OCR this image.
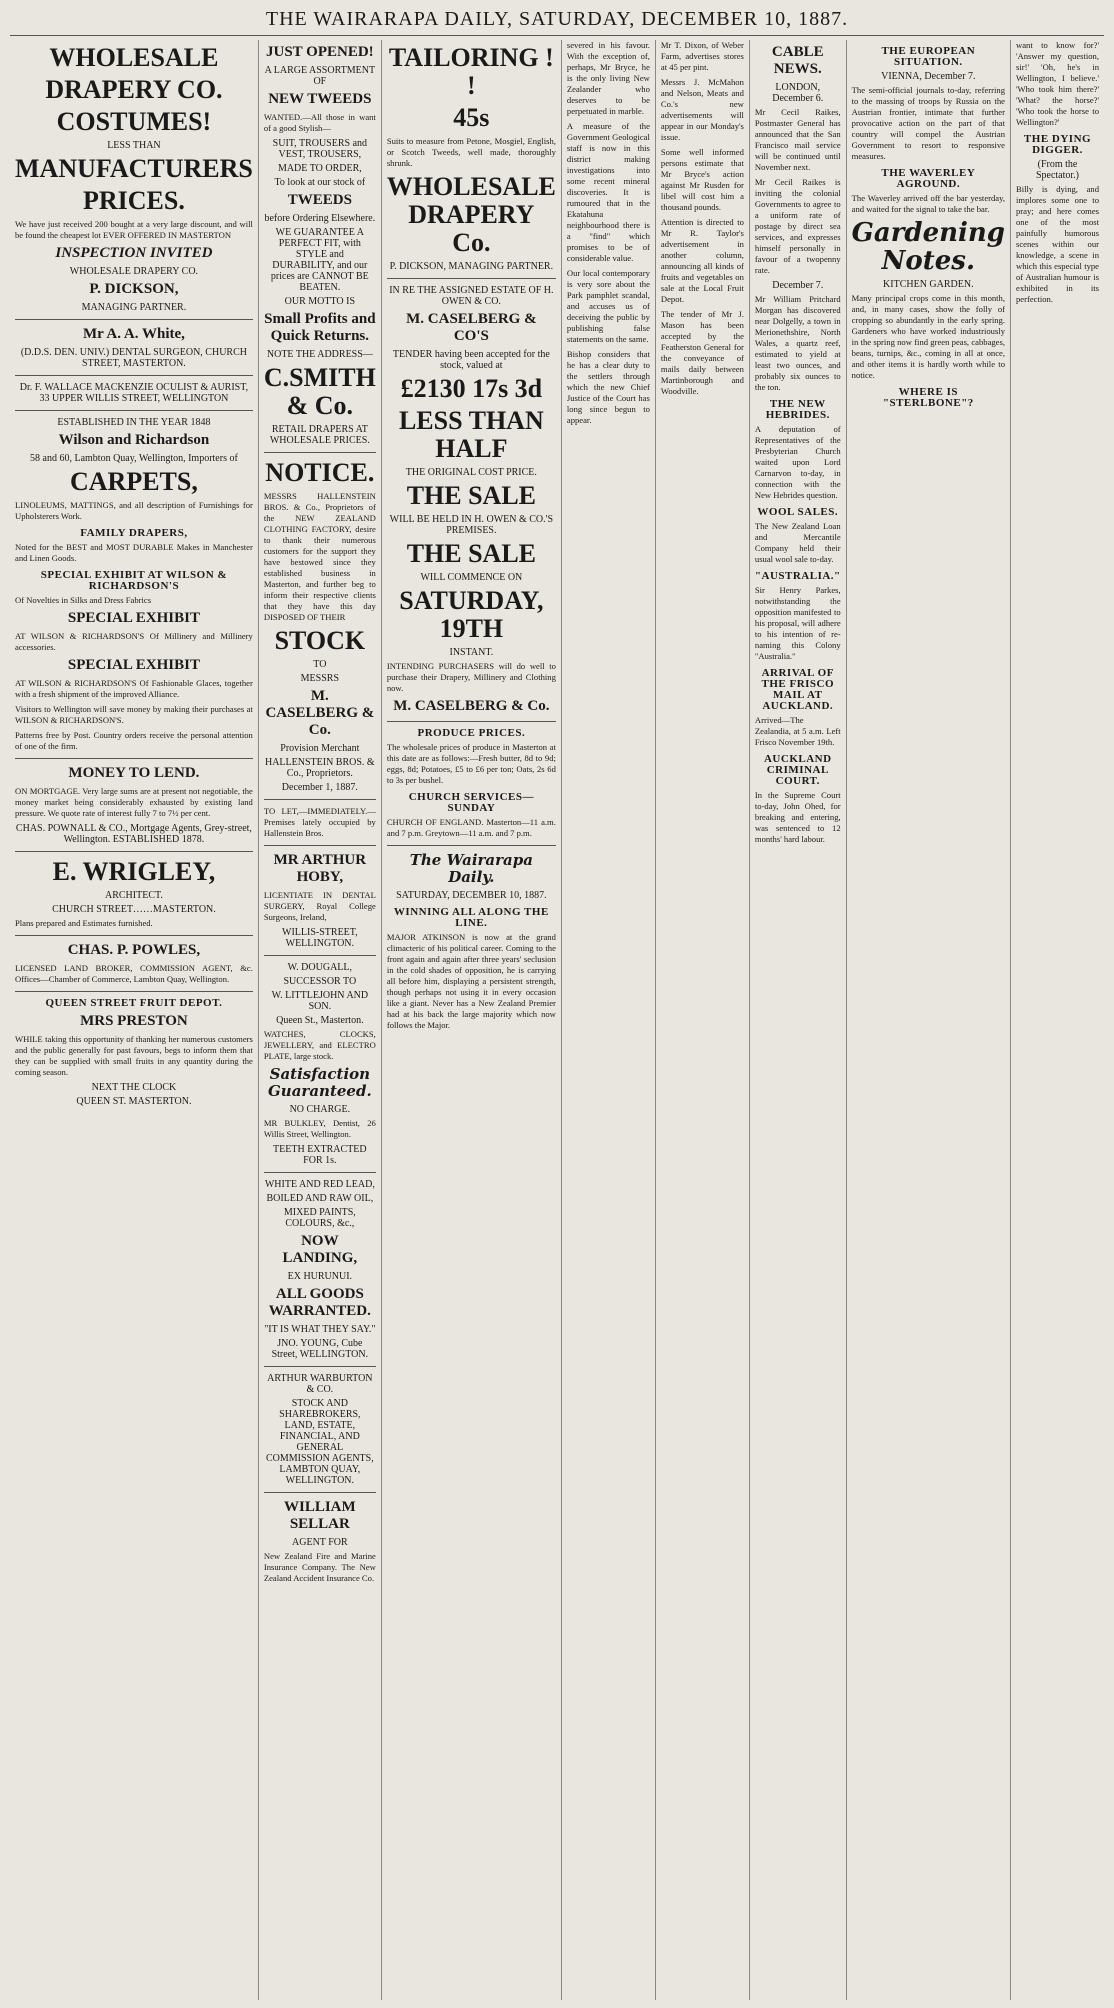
THE WAIRARAPA DAILY, SATURDAY, DECEMBER 10, 1887.
WHOLESALE
DRAPERY CO.
COSTUMES!
LESS THAN
MANUFACTURERS
PRICES.
We have just received 200 bought at a very large discount, and will be found the cheapest lot EVER OFFERED IN MASTERTON
INSPECTION INVITED
WHOLESALE DRAPERY CO.
P. DICKSON,
MANAGING PARTNER.
Mr A. A. White,
(D.D.S. DEN. UNIV.) DENTAL SURGEON, CHURCH STREET, MASTERTON.
Dr. F. WALLACE MACKENZIE OCULIST & AURIST, 33 UPPER WILLIS STREET, WELLINGTON
ESTABLISHED IN THE YEAR 1848
Wilson and Richardson
58 and 60, Lambton Quay, Wellington, Importers of
CARPETS,
LINOLEUMS, MATTINGS, and all description of Furnishings for Upholsterers Work.
FAMILY DRAPERS,
Noted for the BEST and MOST DURABLE Makes in Manchester and Linen Goods.
SPECIAL EXHIBIT AT WILSON & RICHARDSON'S
Of Novelties in Silks and Dress Fabrics
SPECIAL EXHIBIT
AT WILSON & RICHARDSON'S Of Millinery and Millinery accessories.
SPECIAL EXHIBIT
AT WILSON & RICHARDSON'S Of Fashionable Glaces, together with a fresh shipment of the improved Alliance.
Visitors to Wellington will save money by making their purchases at WILSON & RICHARDSON'S.
Patterns free by Post. Country orders receive the personal attention of one of the firm.
MONEY TO LEND.
ON MORTGAGE. Very large sums are at present not negotiable, the money market being considerably exhausted by existing land pressure. We quote rate of interest fully 7 to 7½ per cent.
CHAS. POWNALL & CO., Mortgage Agents, Grey-street, Wellington. ESTABLISHED 1878.
E. WRIGLEY,
ARCHITECT.
CHURCH STREET……MASTERTON.
Plans prepared and Estimates furnished.
CHAS. P. POWLES,
LICENSED LAND BROKER, COMMISSION AGENT, &c. Offices—Chamber of Commerce, Lambton Quay, Wellington.
QUEEN STREET FRUIT DEPOT.
MRS PRESTON
WHILE taking this opportunity of thanking her numerous customers and the public generally for past favours, begs to inform them that they can be supplied with small fruits in any quantity during the coming season.
NEXT THE CLOCK
QUEEN ST. MASTERTON.
JUST OPENED!
A LARGE ASSORTMENT OF
NEW TWEEDS
WANTED.—All those in want of a good Stylish—
SUIT, TROUSERS and VEST, TROUSERS,
MADE TO ORDER,
To look at our stock of
TWEEDS
before Ordering Elsewhere.
WE GUARANTEE A PERFECT FIT, with STYLE and DURABILITY, and our prices are CANNOT BE BEATEN.
OUR MOTTO IS
Small Profits and Quick Returns.
NOTE THE ADDRESS—
C.SMITH & Co.
RETAIL DRAPERS AT WHOLESALE PRICES.
NOTICE.
MESSRS HALLENSTEIN BROS. & Co., Proprietors of the NEW ZEALAND CLOTHING FACTORY, desire to thank their numerous customers for the support they have bestowed since they established business in Masterton, and further beg to inform their respective clients that they have this day DISPOSED OF THEIR
STOCK
TO
MESSRS
M. CASELBERG & Co.
Provision Merchant
HALLENSTEIN BROS. & Co., Proprietors.
December 1, 1887.
TO LET,—IMMEDIATELY.—Premises lately occupied by Hallenstein Bros.
MR ARTHUR HOBY,
LICENTIATE IN DENTAL SURGERY, Royal College Surgeons, Ireland,
WILLIS-STREET, WELLINGTON.
W. DOUGALL,
SUCCESSOR TO
W. LITTLEJOHN AND SON.
Queen St., Masterton.
WATCHES, CLOCKS, JEWELLERY, and ELECTRO PLATE, large stock.
Satisfaction Guaranteed.
NO CHARGE.
MR BULKLEY, Dentist, 26 Willis Street, Wellington.
TEETH EXTRACTED FOR 1s.
WHITE AND RED LEAD,
BOILED AND RAW OIL,
MIXED PAINTS, COLOURS, &c.,
NOW LANDING,
EX HURUNUI.
ALL GOODS WARRANTED.
"IT IS WHAT THEY SAY."
JNO. YOUNG, Cube Street, WELLINGTON.
ARTHUR WARBURTON & CO.
STOCK AND SHAREBROKERS, LAND, ESTATE, FINANCIAL, AND GENERAL COMMISSION AGENTS, LAMBTON QUAY, WELLINGTON.
WILLIAM SELLAR
AGENT FOR
New Zealand Fire and Marine Insurance Company. The New Zealand Accident Insurance Co.
TAILORING ! !
45s
Suits to measure from Petone, Mosgiel, English, or Scotch Tweeds, well made, thoroughly shrunk.
WHOLESALE DRAPERY Co.
P. DICKSON, MANAGING PARTNER.
IN RE THE ASSIGNED ESTATE OF H. OWEN & CO.
M. CASELBERG & CO'S
TENDER having been accepted for the stock, valued at
£2130 17s 3d
LESS THAN HALF
THE ORIGINAL COST PRICE.
THE SALE
WILL BE HELD IN H. OWEN & CO.'S PREMISES.
THE SALE
WILL COMMENCE ON
SATURDAY, 19TH
INSTANT.
INTENDING PURCHASERS will do well to purchase their Drapery, Millinery and Clothing now.
M. CASELBERG & Co.
PRODUCE PRICES.
The wholesale prices of produce in Masterton at this date are as follows:—Fresh butter, 8d to 9d; eggs, 8d; Potatoes, £5 to £6 per ton; Oats, 2s 6d to 3s per bushel.
CHURCH SERVICES—SUNDAY
CHURCH OF ENGLAND. Masterton—11 a.m. and 7 p.m. Greytown—11 a.m. and 7 p.m.
The Wairarapa Daily.
SATURDAY, DECEMBER 10, 1887.
WINNING ALL ALONG THE LINE.
MAJOR ATKINSON is now at the grand climacteric of his political career. Coming to the front again and again after three years' seclusion in the cold shades of opposition, he is carrying all before him, displaying a persistent strength, though perhaps not using it in every occasion like a giant. Never has a New Zealand Premier had at his back the large majority which now follows the Major.
severed in his favour. With the exception of, perhaps, Mr Bryce, he is the only living New Zealander who deserves to be perpetuated in marble.
A measure of the Government Geological staff is now in this district making investigations into some recent mineral discoveries. It is rumoured that in the Ekatahuna neighbourhood there is a "find" which promises to be of considerable value.
Our local contemporary is very sore about the Park pamphlet scandal, and accuses us of deceiving the public by publishing false statements on the same.
Bishop considers that he has a clear duty to the settlers through which the new Chief Justice of the Court has long since begun to appear.
Mr T. Dixon, of Weber Farm, advertises stores at 45 per pint.
Messrs J. McMahon and Nelson, Meats and Co.'s new advertisements will appear in our Monday's issue.
Some well informed persons estimate that Mr Bryce's action against Mr Rusden for libel will cost him a thousand pounds.
Attention is directed to Mr R. Taylor's advertisement in another column, announcing all kinds of fruits and vegetables on sale at the Local Fruit Depot.
The tender of Mr J. Mason has been accepted by the Featherston General for the conveyance of mails daily between Martinborough and Woodville.
CABLE NEWS.
LONDON, December 6.
Mr Cecil Raikes, Postmaster General has announced that the San Francisco mail service will be continued until November next.
Mr Cecil Raikes is inviting the colonial Governments to agree to a uniform rate of postage by direct sea services, and expresses himself personally in favour of a twopenny rate.
December 7.
Mr William Pritchard Morgan has discovered near Dolgelly, a town in Merionethshire, North Wales, a quartz reef, estimated to yield at least two ounces, and probably six ounces to the ton.
THE NEW HEBRIDES.
A deputation of Representatives of the Presbyterian Church waited upon Lord Carnarvon to-day, in connection with the New Hebrides question.
WOOL SALES.
The New Zealand Loan and Mercantile Company held their usual wool sale to-day.
"AUSTRALIA."
Sir Henry Parkes, notwithstanding the opposition manifested to his proposal, will adhere to his intention of re-naming this Colony "Australia."
ARRIVAL OF THE FRISCO MAIL AT AUCKLAND.
Arrived—The Zealandia, at 5 a.m. Left Frisco November 19th.
AUCKLAND CRIMINAL COURT.
In the Supreme Court to-day, John Ohed, for breaking and entering, was sentenced to 12 months' hard labour.
THE EUROPEAN SITUATION.
VIENNA, December 7.
The semi-official journals to-day, referring to the massing of troops by Russia on the Austrian frontier, intimate that further provocative action on the part of that country will compel the Austrian Government to resort to responsive measures.
THE WAVERLEY AGROUND.
The Waverley arrived off the bar yesterday, and waited for the signal to take the bar.
Gardening Notes.
KITCHEN GARDEN.
Many principal crops come in this month, and, in many cases, show the folly of cropping so abundantly in the early spring. Gardeners who have worked industriously in the spring now find green peas, cabbages, beans, turnips, &c., coming in all at once, and other items it is hardly worth while to notice.
WHERE IS "STERLBONE"?
want to know for?' 'Answer my question, sir!' 'Oh, he's in Wellington, I believe.' 'Who took him there?' 'What? the horse?' 'Who took the horse to Wellington?'
THE DYING DIGGER.
(From the Spectator.)
Billy is dying, and implores some one to pray; and here comes one of the most painfully humorous scenes within our knowledge, a scene in which this especial type of Australian humour is exhibited in its perfection.
